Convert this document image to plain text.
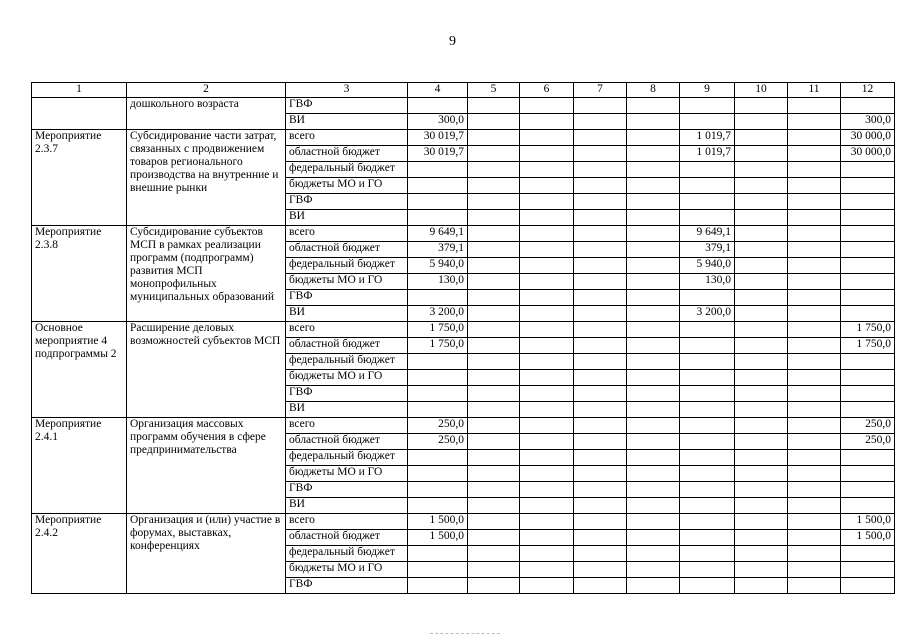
9
1	2	3	4	5	6	7	8	9	10	11	12
	дошкольного возраста	ГВФ									
		ВИ	300,0								300,0
Мероприятие 2.3.7	Субсидирование части затрат, связанных с продвижением товаров регионального производства на внутренние и внешние рынки	всего	30 019,7					1 019,7			30 000,0
		областной бюджет	30 019,7					1 019,7			30 000,0
		федеральный бюджет									
		бюджеты МО и ГО									
		ГВФ									
		ВИ									
Мероприятие 2.3.8	Субсидирование субъектов МСП в рамках реализации программ (подпрограмм) развития МСП монопрофильных муниципальных образований	всего	9 649,1					9 649,1			
		областной бюджет	379,1					379,1			
		федеральный бюджет	5 940,0					5 940,0			
		бюджеты МО и ГО	130,0					130,0			
		ГВФ									
		ВИ	3 200,0					3 200,0			
Основное мероприятие 4 подпрограммы 2	Расширение деловых возможностей субъектов МСП	всего	1 750,0								1 750,0
		областной бюджет	1 750,0								1 750,0
		федеральный бюджет									
		бюджеты МО и ГО									
		ГВФ									
		ВИ									
Мероприятие 2.4.1	Организация массовых программ обучения в сфере предпринимательства	всего	250,0								250,0
		областной бюджет	250,0								250,0
		федеральный бюджет									
		бюджеты МО и ГО									
		ГВФ									
		ВИ									
Мероприятие 2.4.2	Организация и (или) участие в форумах, выставках, конференциях	всего	1 500,0								1 500,0
		областной бюджет	1 500,0								1 500,0
		федеральный бюджет									
		бюджеты МО и ГО									
		ГВФ									
